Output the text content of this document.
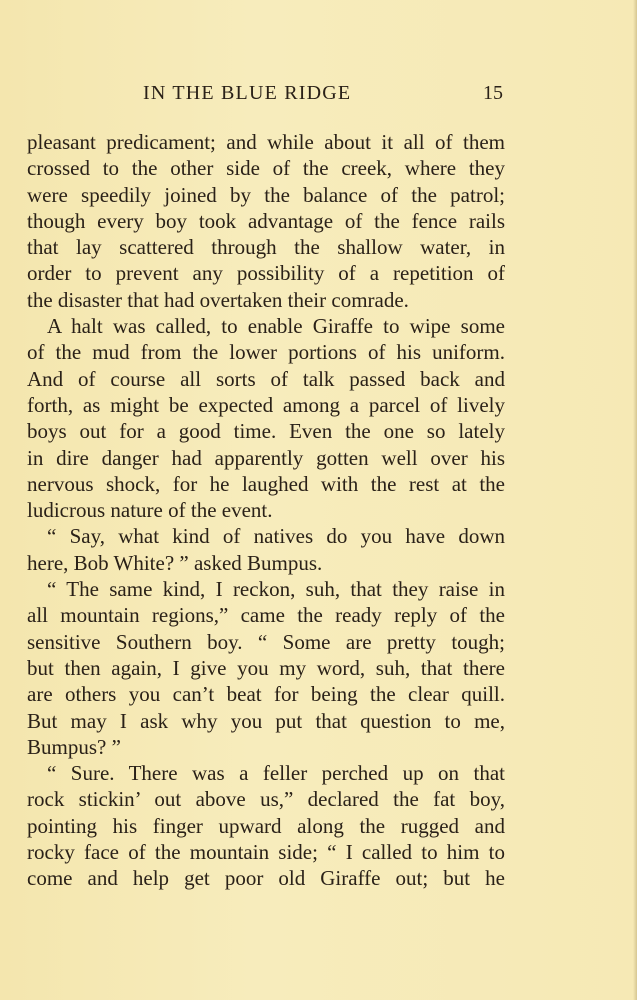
IN THE BLUE RIDGE	15
pleasant predicament; and while about it all of them
crossed to the other side of the creek, where they
were speedily joined by the balance of the patrol;
though every boy took advantage of the fence rails
that lay scattered through the shallow water, in
order to prevent any possibility of a repetition of
the disaster that had overtaken their comrade.
A halt was called, to enable Giraffe to wipe some
of the mud from the lower portions of his uniform.
And of course all sorts of talk passed back and
forth, as might be expected among a parcel of lively
boys out for a good time. Even the one so lately
in dire danger had apparently gotten well over his
nervous shock, for he laughed with the rest at the
ludicrous nature of the event.
“ Say, what kind of natives do you have down
here, Bob White? ” asked Bumpus.
“ The same kind, I reckon, suh, that they raise in
all mountain regions,” came the ready reply of the
sensitive Southern boy. “ Some are pretty tough;
but then again, I give you my word, suh, that there
are others you can’t beat for being the clear quill.
But may I ask why you put that question to me,
Bumpus? ”
“ Sure. There was a feller perched up on that
rock stickin’ out above us,” declared the fat boy,
pointing his finger upward along the rugged and
rocky face of the mountain side; “ I called to him to
come and help get poor old Giraffe out; but he
